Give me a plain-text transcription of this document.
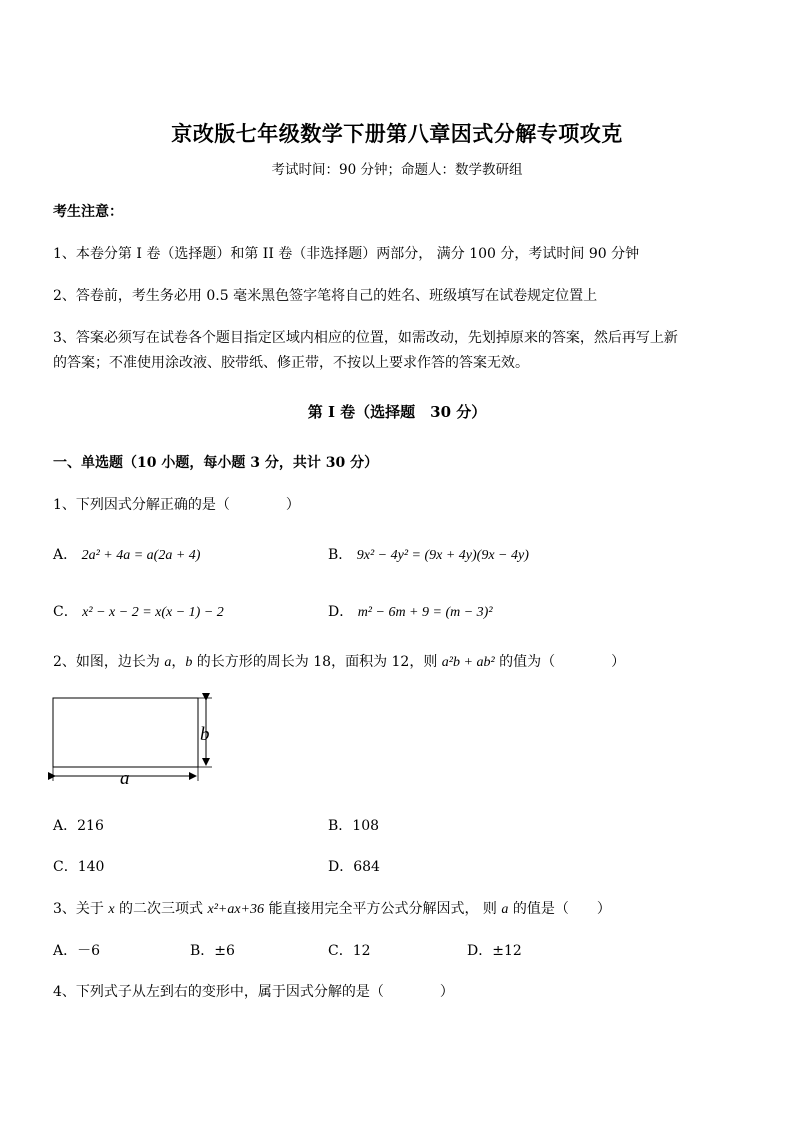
京改版七年级数学下册第八章因式分解专项攻克
考试时间：90 分钟；命题人：数学教研组
考生注意：
1、本卷分第 I 卷（选择题）和第 II 卷（非选择题）两部分， 满分 100 分，考试时间 90 分钟
2、答卷前，考生务必用 0.5 毫米黑色签字笔将自己的姓名、班级填写在试卷规定位置上
3、答案必须写在试卷各个题目指定区域内相应的位置，如需改动，先划掉原来的答案，然后再写上新
的答案；不准使用涂改液、胶带纸、修正带，不按以上要求作答的答案无效。
第 I 卷（选择题　30 分）
一、单选题（10 小题，每小题 3 分，共计 30 分）
1、下列因式分解正确的是（　　　　）
A． 2a² + 4a = a(2a + 4)	B． 9x² − 4y² = (9x + 4y)(9x − 4y)
C． x² − x − 2 = x(x − 1) − 2	D． m² − 6m + 9 = (m − 3)²
2、如图，边长为 a，b 的长方形的周长为 18，面积为 12，则 a²b + ab² 的值为（　　　　）
a
b
A．216	B．108
C．140	D．684
3、关于 x 的二次三项式 x²+ax+36 能直接用完全平方公式分解因式， 则 a 的值是（　　）
A．－6	B．±6	C．12	D．±12
4、下列式子从左到右的变形中，属于因式分解的是（　　　　）
